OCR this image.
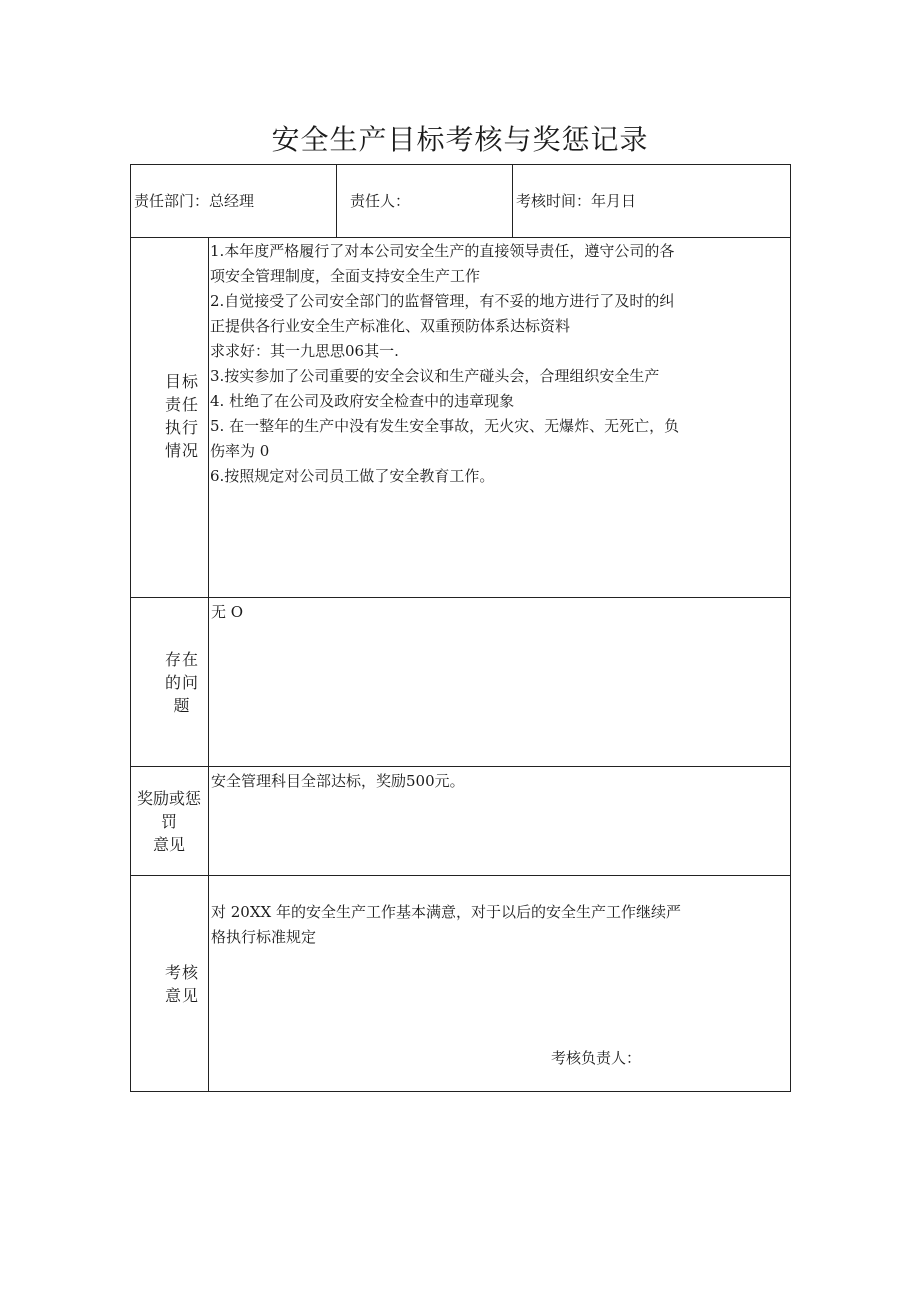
安全生产目标考核与奖惩记录
责任部门：总经理	责任人：	考核时间：年月日
目标
责任
执行
情况
1.本年度严格履行了对本公司安全生产的直接领导责任，遵守公司的各
项安全管理制度，全面支持安全生产工作
2.自觉接受了公司安全部门的监督管理，有不妥的地方进行了及时的纠
正提供各行业安全生产标准化、双重预防体系达标资料
求求好：其一九思思06其一.
3.按实参加了公司重要的安全会议和生产碰头会，合理组织安全生产
4. 杜绝了在公司及政府安全检查中的违章现象
5. 在一整年的生产中没有发生安全事故，无火灾、无爆炸、无死亡，负
伤率为 0
6.按照规定对公司员工做了安全教育工作。
存在
的问
题
无 O
奖励或惩
罚
意见
安全管理科目全部达标，奖励500元。
考核
意见
对 20XX 年的安全生产工作基本满意，对于以后的安全生产工作继续严
格执行标准规定
考核负责人：
